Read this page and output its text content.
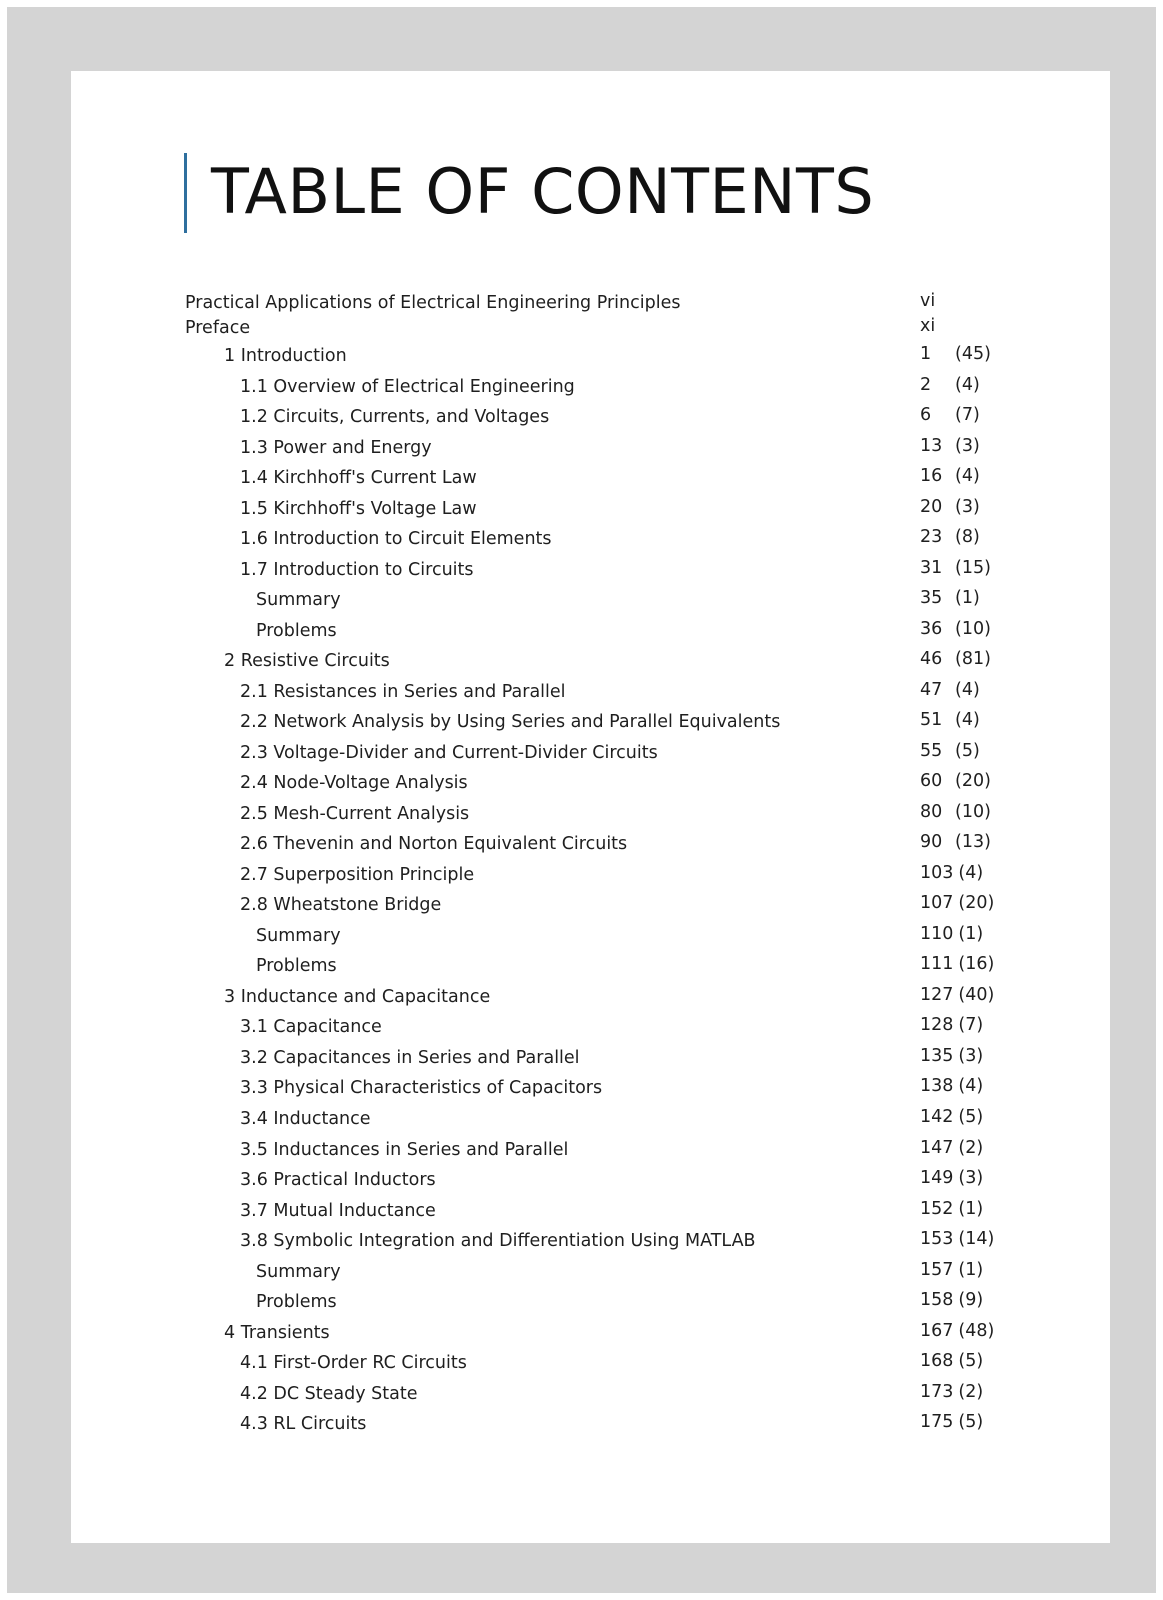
TABLE OF CONTENTS
Practical Applications of Electrical Engineering Principles	vi
Preface	xi
1 Introduction	1 (45)
1.1 Overview of Electrical Engineering	2 (4)
1.2 Circuits, Currents, and Voltages	6 (7)
1.3 Power and Energy	13 (3)
1.4 Kirchhoff's Current Law	16 (4)
1.5 Kirchhoff's Voltage Law	20 (3)
1.6 Introduction to Circuit Elements	23 (8)
1.7 Introduction to Circuits	31 (15)
Summary	35 (1)
Problems	36 (10)
2 Resistive Circuits	46 (81)
2.1 Resistances in Series and Parallel	47 (4)
2.2 Network Analysis by Using Series and Parallel Equivalents	51 (4)
2.3 Voltage-Divider and Current-Divider Circuits	55 (5)
2.4 Node-Voltage Analysis	60 (20)
2.5 Mesh-Current Analysis	80 (10)
2.6 Thevenin and Norton Equivalent Circuits	90 (13)
2.7 Superposition Principle	103 (4)
2.8 Wheatstone Bridge	107 (20)
Summary	110 (1)
Problems	111 (16)
3 Inductance and Capacitance	127 (40)
3.1 Capacitance	128 (7)
3.2 Capacitances in Series and Parallel	135 (3)
3.3 Physical Characteristics of Capacitors	138 (4)
3.4 Inductance	142 (5)
3.5 Inductances in Series and Parallel	147 (2)
3.6 Practical Inductors	149 (3)
3.7 Mutual Inductance	152 (1)
3.8 Symbolic Integration and Differentiation Using MATLAB	153 (14)
Summary	157 (1)
Problems	158 (9)
4 Transients	167 (48)
4.1 First-Order RC Circuits	168 (5)
4.2 DC Steady State	173 (2)
4.3 RL Circuits	175 (5)
